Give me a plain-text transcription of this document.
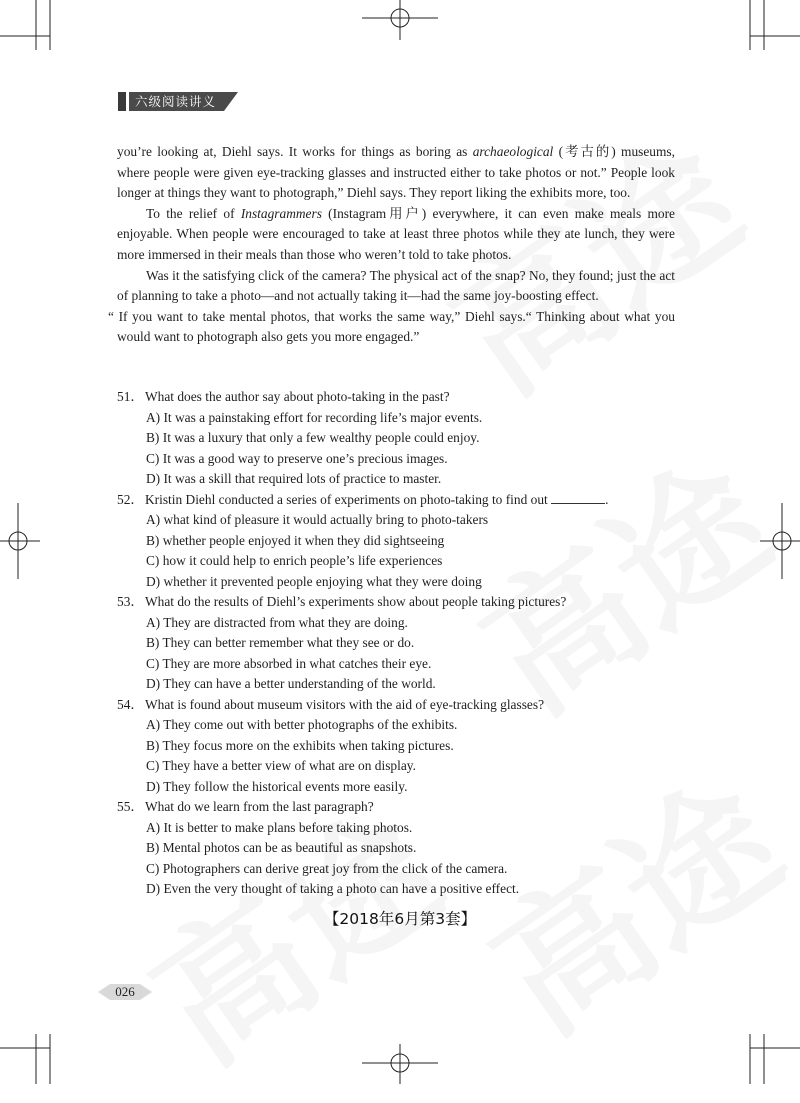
六级阅读讲义

you’re looking at, Diehl says. It works for things as boring as archaeological (考古的) museums, where people were given eye-tracking glasses and instructed either to take photos or not.” People look longer at things they want to photograph,” Diehl says. They report liking the exhibits more, too.

To the relief of Instagrammers (Instagram用户) everywhere, it can even make meals more enjoyable. When people were encouraged to take at least three photos while they ate lunch, they were more immersed in their meals than those who weren’t told to take photos.

Was it the satisfying click of the camera? The physical act of the snap? No, they found; just the act of planning to take a photo—and not actually taking it—had the same joy-boosting effect.
“ If you want to take mental photos, that works the same way,” Diehl says.“ Thinking about what you would want to photograph also gets you more engaged.”

51． What does the author say about photo-taking in the past?
A) It was a painstaking effort for recording life’s major events.
B) It was a luxury that only a few wealthy people could enjoy.
C) It was a good way to preserve one’s precious images.
D) It was a skill that required lots of practice to master.
52． Kristin Diehl conducted a series of experiments on photo-taking to find out	.
A) what kind of pleasure it would actually bring to photo-takers
B) whether people enjoyed it when they did sightseeing
C) how it could help to enrich people’s life experiences
D) whether it prevented people enjoying what they were doing
53． What do the results of Diehl’s experiments show about people taking pictures?
A) They are distracted from what they are doing.
B) They can better remember what they see or do.
C) They are more absorbed in what catches their eye.
D) They can have a better understanding of the world.
54． What is found about museum visitors with the aid of eye-tracking glasses?
A) They come out with better photographs of the exhibits.
B) They focus more on the exhibits when taking pictures.
C) They have a better view of what are on display.
D) They follow the historical events more easily.
55． What do we learn from the last paragraph?
A) It is better to make plans before taking photos.
B) Mental photos can be as beautiful as snapshots.
C) Photographers can derive great joy from the click of the camera.
D) Even the very thought of taking a photo can have a positive effect.
【2018年6月第3套】
026
